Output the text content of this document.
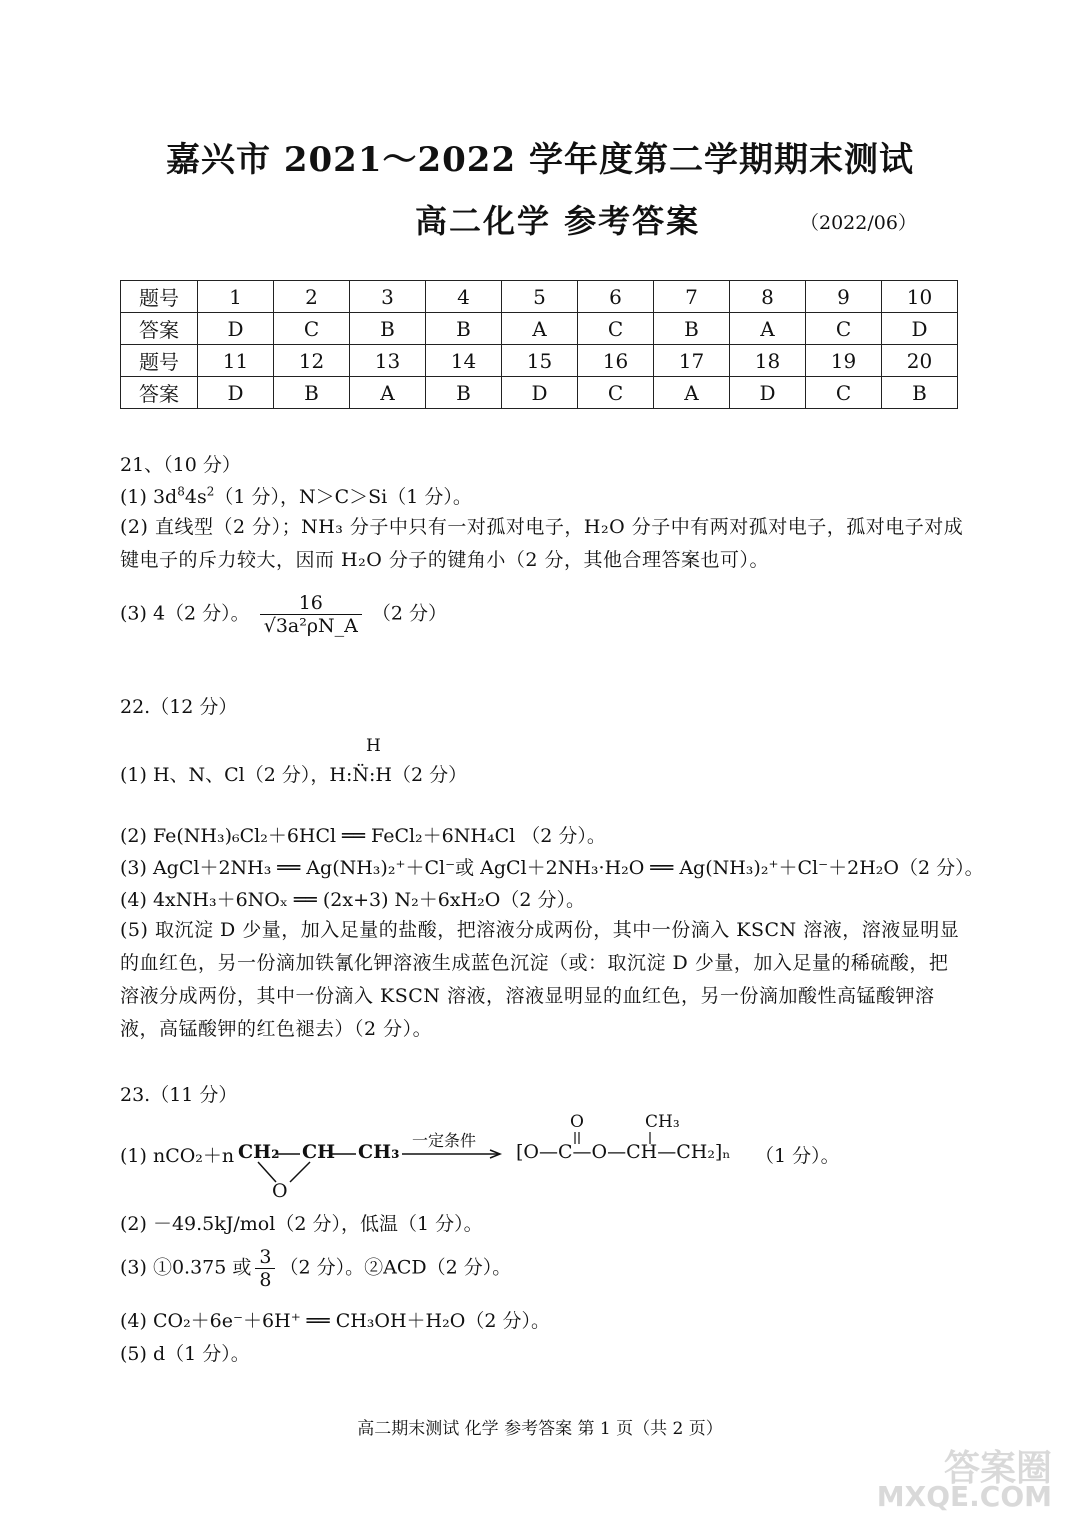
嘉兴市 2021～2022 学年度第二学期期末测试
高二化学 参考答案	（2022/06）
题号	1	2	3	4	5	6	7	8	9	10
答案	D	C	B	B	A	C	B	A	C	D
题号	11	12	13	14	15	16	17	18	19	20
答案	D	B	A	B	D	C	A	D	C	B
21、（10 分）
(1) $3d^84s^2(1$ 分），N＞C＞Si（1 分）。
(2) 直线型（2 分）；NH₃ 分子中只有一对孤对电子，H₂O 分子中有两对孤对电子，孤对电子对成键电子的斥力较大，因而 H₂O 分子的键角小（2 分，其他合理答案也可）。
(3) 4（2 分）。 $\frac{16}{\text{√3a²ρN\_A}} (2$ 分）
22.（12 分）
H
(1) H、N、Cl（2 分），H:N̈:H（2 分）
(2) Fe(NH₃)₆Cl₂＋6HCl ══ FeCl₂＋6NH₄Cl （2 分）。
(3) AgCl＋2NH₃ ══ Ag(NH₃)₂⁺＋Cl⁻或 AgCl＋2NH₃·H₂O ══ Ag(NH₃)₂⁺＋Cl⁻＋2H₂O（2 分）。
(4) 4xNH₃＋6NOₓ ══ (2x+3) N₂＋6xH₂O（2 分）。
(5) 取沉淀 D 少量，加入足量的盐酸，把溶液分成两份，其中一份滴入 KSCN 溶液，溶液显明显的血红色，另一份滴加铁氰化钾溶液生成蓝色沉淀（或：取沉淀 D 少量，加入足量的稀硫酸，把溶液分成两份，其中一份滴入 KSCN 溶液，溶液显明显的血红色，另一份滴加酸性高锰酸钾溶液，高锰酸钾的红色褪去）（2 分）。
23.（11 分）
(1) nCO₂＋n CH₂ CH CH₃
O
一定条件
O	CH₃
[O—C—O—CH—CH₂]ₙ （1 分）。
(2) －49.5kJ/mol（2 分），低温（1 分）。
(3) ①0.375 或 $\frac{3}{8} (2$ 分）。②ACD（2 分）。
(4) CO₂＋6e⁻＋6H⁺ ══ CH₃OH＋H₂O（2 分）。
(5) d（1 分）。
高二期末测试 化学 参考答案 第 1 页（共 2 页）
答案圈
MXQE.COM
